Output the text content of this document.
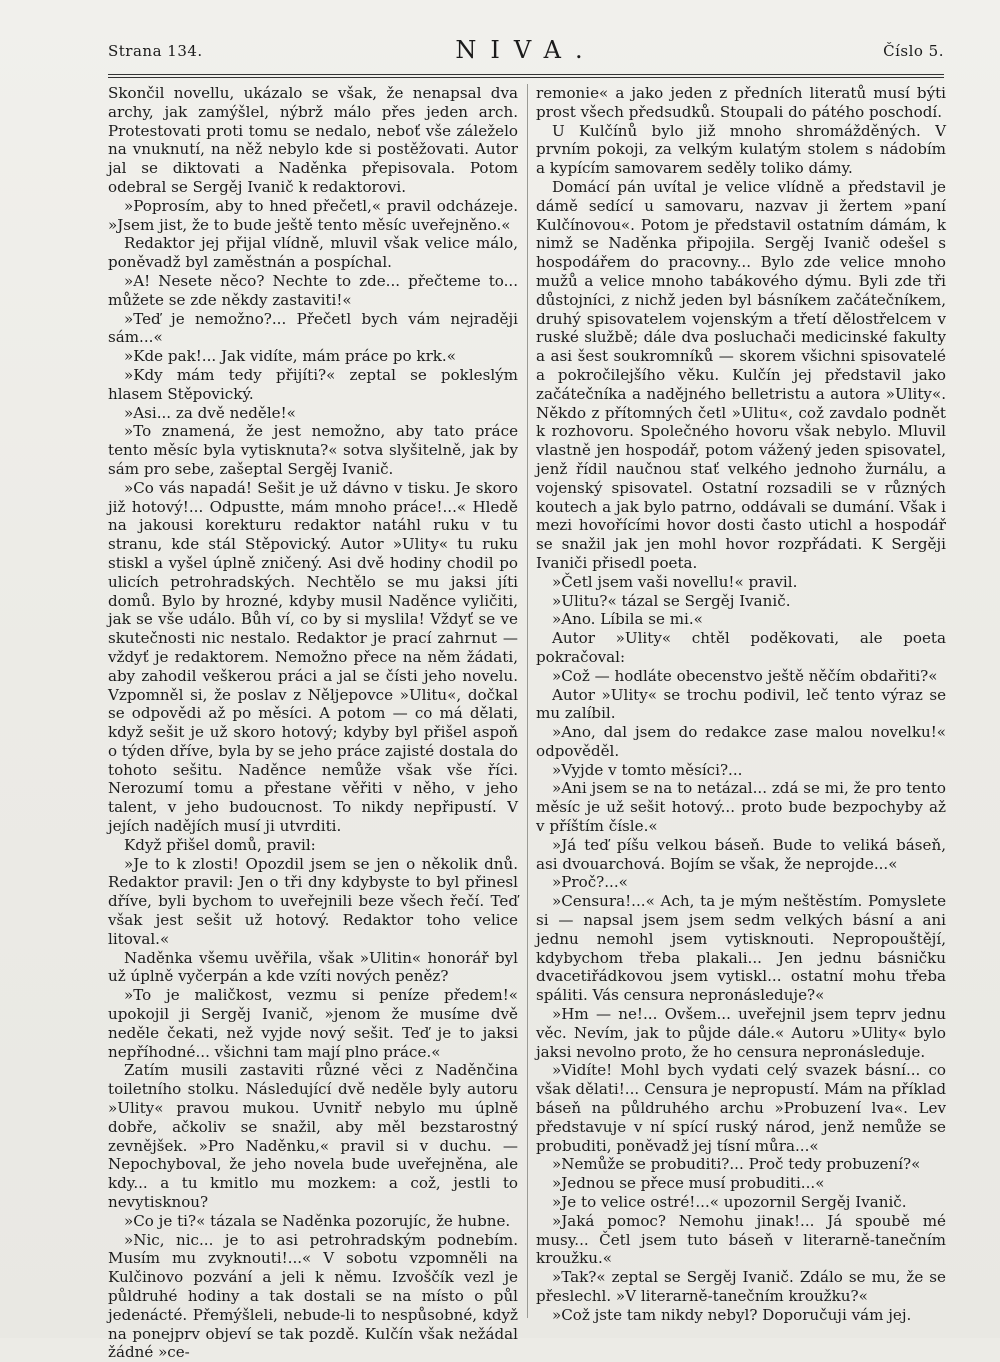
Strana 134.	NIVA.	Číslo 5.

Skončil novellu, ukázalo se však, že nenapsal dva archy, jak zamýšlel, nýbrž málo přes jeden arch. Protestovati proti tomu se nedalo, neboť vše záleželo na vnuknutí, na něž nebylo kde si postěžovati. Autor jal se diktovati a Naděnka přepisovala. Potom odebral se Sergěj Ivanič k redaktorovi.

»Poprosím, aby to hned přečetl,« pravil odcházeje. »Jsem jist, že to bude ještě tento měsíc uveřejněno.«

Redaktor jej přijal vlídně, mluvil však velice málo, poněvadž byl zaměstnán a pospíchal.

»A! Nesete něco? Nechte to zde... přečteme to... můžete se zde někdy zastaviti!«

»Teď je nemožno?... Přečetl bych vám nejraději sám...«

»Kde pak!... Jak vidíte, mám práce po krk.«

»Kdy mám tedy přijíti?« zeptal se pokleslým hlasem Stěpovický.

»Asi... za dvě neděle!«

»To znamená, že jest nemožno, aby tato práce tento měsíc byla vytisknuta?« sotva slyšitelně, jak by sám pro sebe, zašeptal Sergěj Ivanič.

»Co vás napadá! Sešit je už dávno v tisku. Je skoro již hotový!... Odpustte, mám mnoho práce!...« Hledě na jakousi korekturu redaktor natáhl ruku v tu stranu, kde stál Stěpovický. Autor »Ulity« tu ruku stiskl a vyšel úplně zničený. Asi dvě hodiny chodil po ulicích petrohradských. Nechtělo se mu jaksi jíti domů. Bylo by hrozné, kdyby musil Naděnce vyličiti, jak se vše událo. Bůh ví, co by si myslila! Vždyť se ve skutečnosti nic nestalo. Redaktor je prací zahrnut — vždyť je redaktorem. Nemožno přece na něm žádati, aby zahodil veškerou práci a jal se čísti jeho novelu. Vzpomněl si, že poslav z Něljepovce »Ulitu«, dočkal se odpovědi až po měsíci. A potom — co má dělati, když sešit je už skoro hotový; kdyby byl přišel aspoň o týden dříve, byla by se jeho práce zajisté dostala do tohoto sešitu. Naděnce nemůže však vše říci. Nerozumí tomu a přestane věřiti v něho, v jeho talent, v jeho budoucnost. To nikdy nepřipustí. V jejích nadějích musí ji utvrditi.

Když přišel domů, pravil:

»Je to k zlosti! Opozdil jsem se jen o několik dnů. Redaktor pravil: Jen o tři dny kdybyste to byl přinesl dříve, byli bychom to uveřejnili beze všech řečí. Teď však jest sešit už hotový. Redaktor toho velice litoval.«

Naděnka všemu uvěřila, však »Ulitin« honorář byl už úplně vyčerpán a kde vzíti nových peněz?

»To je maličkost, vezmu si peníze předem!« upokojil ji Sergěj Ivanič, »jenom že musíme dvě neděle čekati, než vyjde nový sešit. Teď je to jaksi nepříhodné... všichni tam mají plno práce.«

Zatím musili zastaviti různé věci z Naděnčina toiletního stolku. Následující dvě neděle byly autoru »Ulity« pravou mukou. Uvnitř nebylo mu úplně dobře, ačkoliv se snažil, aby měl bezstarostný zevnějšek. »Pro Naděnku,« pravil si v duchu. — Nepochyboval, že jeho novela bude uveřejněna, ale kdy... a tu kmitlo mu mozkem: a což, jestli to nevytisknou?

»Co je ti?« tázala se Naděnka pozorujíc, že hubne.

»Nic, nic... je to asi petrohradským podnebím. Musím mu zvyknouti!...« V sobotu vzpomněli na Kulčinovo pozvání a jeli k němu. Izvoščík vezl je půldruhé hodiny a tak dostali se na místo o půl jedenácté. Přemýšleli, nebude-li to nespůsobné, když na ponejprv objeví se tak pozdě. Kulčín však nežádal žádné »ce-

remonie« a jako jeden z předních literatů musí býti prost všech předsudků. Stoupali do pátého poschodí.

U Kulčínů bylo již mnoho shromážděných. V prvním pokoji, za velkým kulatým stolem s nádobím a kypícím samovarem seděly toliko dámy.

Domácí pán uvítal je velice vlídně a představil je dámě sedící u samovaru, nazvav ji žertem »paní Kulčínovou«. Potom je představil ostatním dámám, k nimž se Naděnka připojila. Sergěj Ivanič odešel s hospodářem do pracovny... Bylo zde velice mnoho mužů a velice mnoho tabákového dýmu. Byli zde tři důstojníci, z nichž jeden byl básníkem začátečníkem, druhý spisovatelem vojenským a třetí dělostřelcem v ruské službě; dále dva posluchači medicinské fakulty a asi šest soukromníků — skorem všichni spisovatelé a pokročilejšího věku. Kulčín jej představil jako začátečníka a nadějného belletristu a autora »Ulity«. Někdo z přítomných četl »Ulitu«, což zavdalo podnět k rozhovoru. Společného hovoru však nebylo. Mluvil vlastně jen hospodář, potom vážený jeden spisovatel, jenž řídil naučnou stať velkého jednoho žurnálu, a vojenský spisovatel. Ostatní rozsadili se v různých koutech a jak bylo patrno, oddávali se dumání. Však i mezi hovořícími hovor dosti často utichl a hospodář se snažil jak jen mohl hovor rozpřádati. K Sergěji Ivaniči přisedl poeta.

»Četl jsem vaši novellu!« pravil.

»Ulitu?« tázal se Sergěj Ivanič.

»Ano. Líbila se mi.«

Autor »Ulity« chtěl poděkovati, ale poeta pokračoval:

»Což — hodláte obecenstvo ještě něčím obdařiti?«

Autor »Ulity« se trochu podivil, leč tento výraz se mu zalíbil.

»Ano, dal jsem do redakce zase malou novelku!« odpověděl.

»Vyjde v tomto měsíci?...

»Ani jsem se na to netázal... zdá se mi, že pro tento měsíc je už sešit hotový... proto bude bezpochyby až v příštím čísle.«

»Já teď píšu velkou báseň. Bude to veliká báseň, asi dvouarchová. Bojím se však, že neprojde...«

»Proč?...«

»Censura!...« Ach, ta je mým neštěstím. Pomyslete si — napsal jsem jsem sedm velkých básní a ani jednu nemohl jsem vytisknouti. Nepropouštějí, kdybychom třeba plakali... Jen jednu básničku dvacetiřádkovou jsem vytiskl... ostatní mohu třeba spáliti. Vás censura nepronásleduje?«

»Hm — ne!... Ovšem... uveřejnil jsem teprv jednu věc. Nevím, jak to půjde dále.« Autoru »Ulity« bylo jaksi nevolno proto, že ho censura nepronásleduje.

»Vidíte! Mohl bych vydati celý svazek básní... co však dělati!... Censura je nepropustí. Mám na příklad báseň na půldruhého archu »Probuzení lva«. Lev představuje v ní spící ruský národ, jenž nemůže se probuditi, poněvadž jej tísní můra...«

»Nemůže se probuditi?... Proč tedy probuzení?«

»Jednou se přece musí probuditi...«

»Je to velice ostré!...« upozornil Sergěj Ivanič.

»Jaká pomoc? Nemohu jinak!... Já spoubě mé musy... Četl jsem tuto báseň v literarně-tanečním kroužku.«

»Tak?« zeptal se Sergěj Ivanič. Zdálo se mu, že se přeslechl. »V literarně-tanečním kroužku?«

»Což jste tam nikdy nebyl? Doporučuji vám jej.
